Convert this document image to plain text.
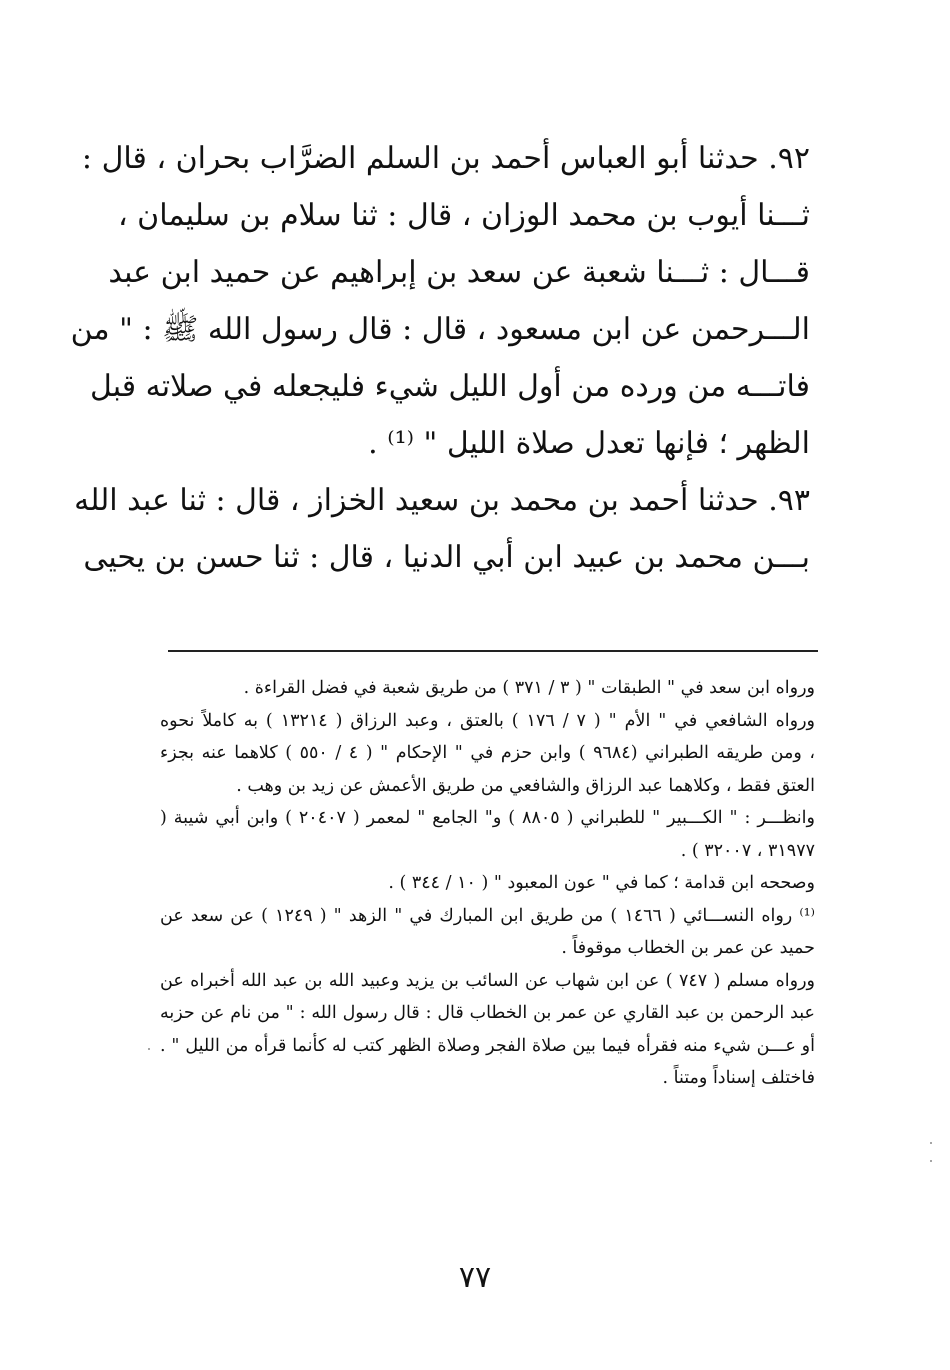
٩٢. حدثنا أبو العباس أحمد بن السلم الضرَّاب بحران ، قال :
ثـــنا أيوب بن محمد الوزان ، قال : ثنا سلام بن سليمان ،
قـــال : ثـــنا شعبة عن سعد بن إبراهيم عن حميد ابن عبد
الـــرحمن عن ابن مسعود ، قال : قال رسول الله ﷺ : " من
فاتـــه من ورده من أول الليل شيء فليجعله في صلاته قبل
الظهر ؛ فإنها تعدل صلاة الليل " ⁽¹⁾ .
٩٣. حدثنا أحمد بن محمد بن سعيد الخزاز ، قال : ثنا عبد الله
بـــن محمد بن عبيد ابن أبي الدنيا ، قال : ثنا حسن بن يحيى
ورواه ابن سعد في " الطبقات " ( ٣ / ٣٧١ ) من طريق شعبة في فضل القراءة .
ورواه الشافعي في " الأم " ( ٧ / ١٧٦ ) بالعتق ، وعبد الرزاق ( ١٣٢١٤ ) به كاملاً نحوه
، ومن طريقه الطبراني (٩٦٨٤ ) وابن حزم في " الإحكام " ( ٤ / ٥٥٠ ) كلاهما عنه بجزء
العتق فقط ، وكلاهما عبد الرزاق والشافعي من طريق الأعمش عن زيد بن وهب .
وانظـــر : " الكـــبير " للطبراني ( ٨٨٠٥ ) و" الجامع " لمعمر ( ٢٠٤٠٧ ) وابن أبي شيبة (
٣١٩٧٧ ، ٣٢٠٠٧ ) .
وصححه ابن قدامة ؛ كما في " عون المعبود " ( ١٠ / ٣٤٤ ) .
⁽¹⁾ رواه النســـائي ( ١٤٦٦ ) من طريق ابن المبارك في " الزهد " ( ١٢٤٩ ) عن سعد عن
حميد عن عمر بن الخطاب موقوفاً .
ورواه مسلم ( ٧٤٧ ) عن ابن شهاب عن السائب بن يزيد وعبيد الله بن عبد الله أخبراه عن
عبد الرحمن بن عبد القاري عن عمر بن الخطاب قال : قال رسول الله : " من نام عن حزبه
أو عـــن شيء منه فقرأه فيما بين صلاة الفجر وصلاة الظهر كتب له كأنما قرأه من الليل " .
فاختلف إسناداً ومتناً .
٧٧
